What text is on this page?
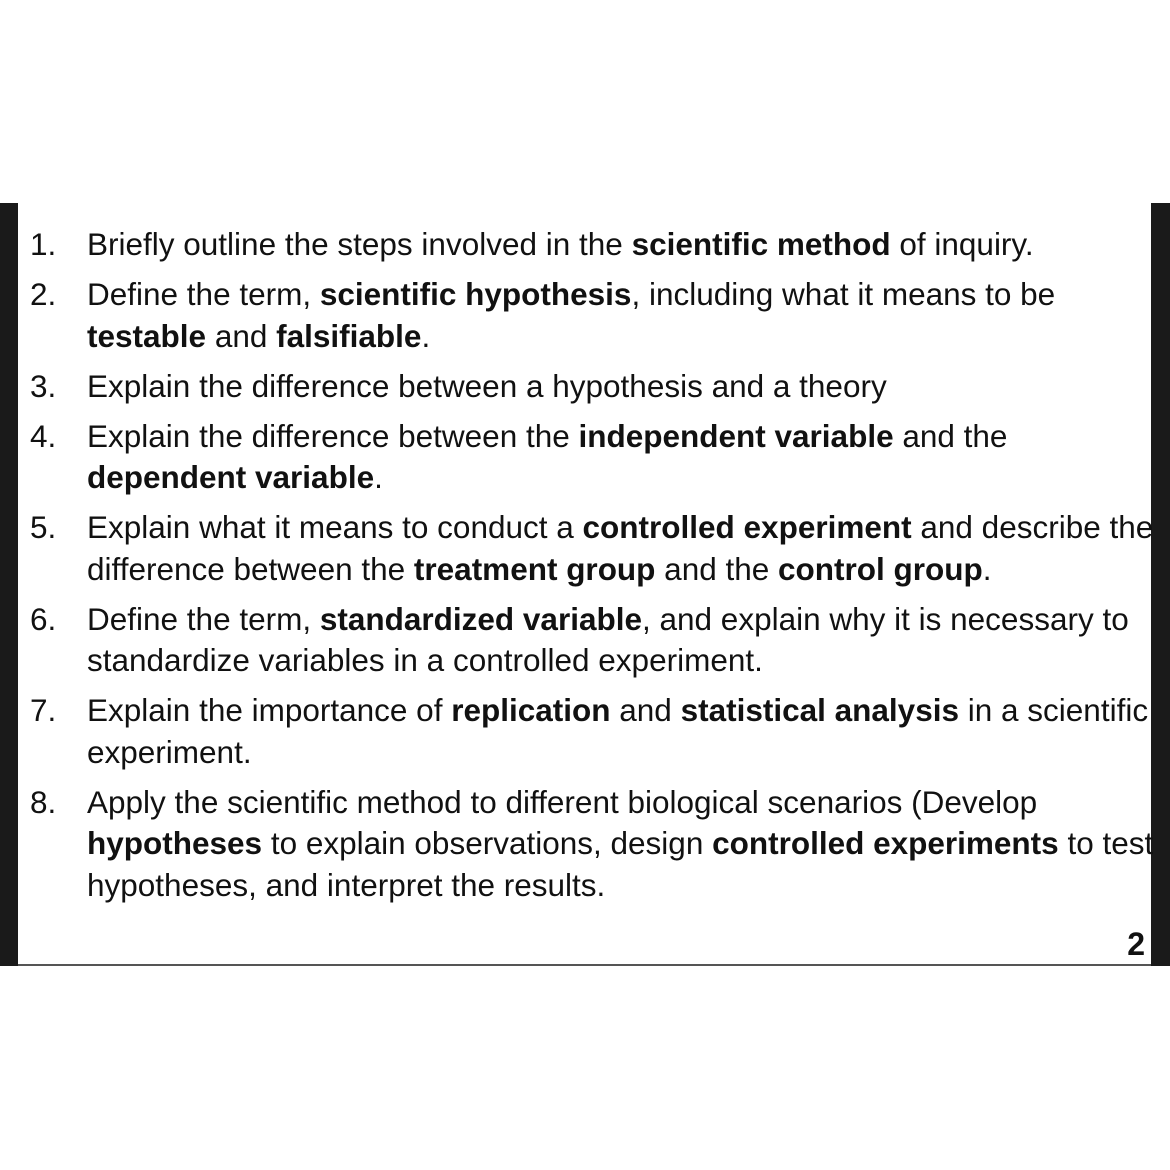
1. Briefly outline the steps involved in the scientific method of inquiry.
2. Define the term, scientific hypothesis, including what it means to be testable and falsifiable.
3. Explain the difference between a hypothesis and a theory
4. Explain the difference between the independent variable and the dependent variable.
5. Explain what it means to conduct a controlled experiment and describe the difference between the treatment group and the control group.
6. Define the term, standardized variable, and explain why it is necessary to standardize variables in a controlled experiment.
7. Explain the importance of replication and statistical analysis in a scientific experiment.
8. Apply the scientific method to different biological scenarios (Develop hypotheses to explain observations, design controlled experiments to test hypotheses, and interpret the results.
2
